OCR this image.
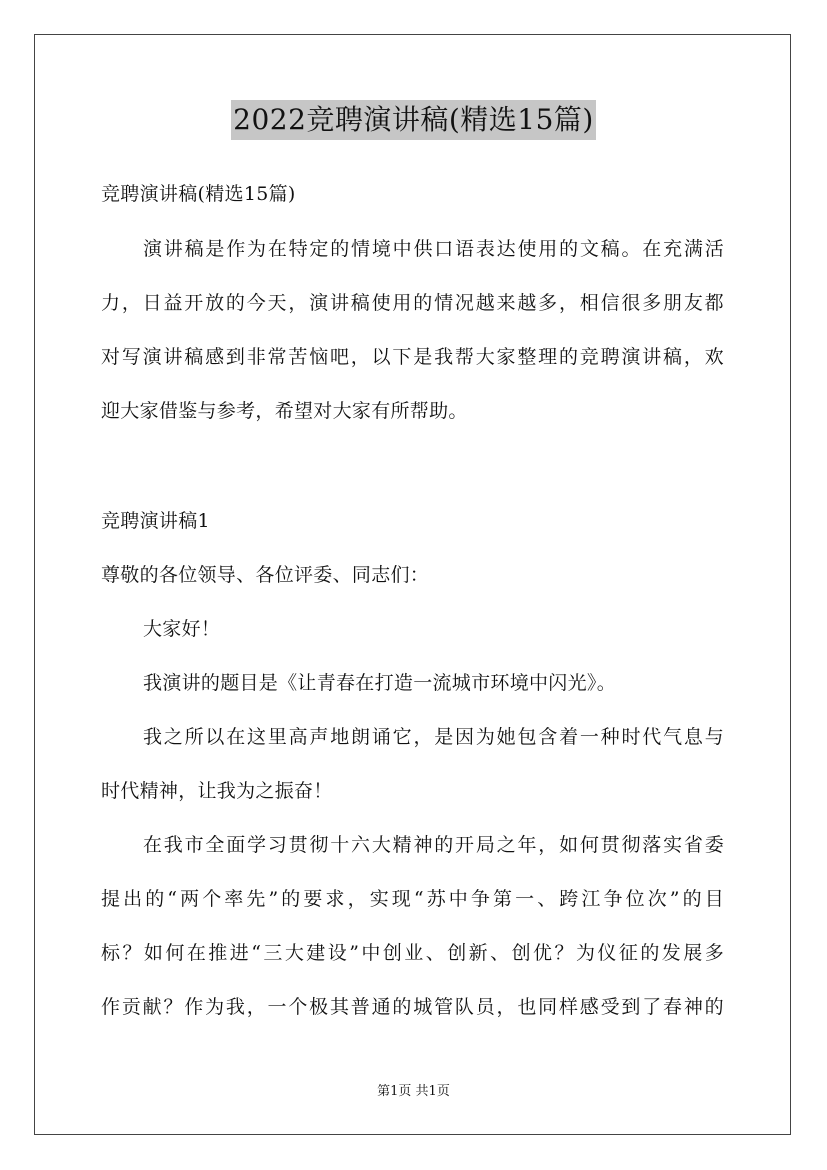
2022竞聘演讲稿(精选15篇)
竞聘演讲稿(精选15篇)
演讲稿是作为在特定的情境中供口语表达使用的文稿。在充满活
力，日益开放的今天，演讲稿使用的情况越来越多，相信很多朋友都
对写演讲稿感到非常苦恼吧，以下是我帮大家整理的竞聘演讲稿，欢
迎大家借鉴与参考，希望对大家有所帮助。
竞聘演讲稿1
尊敬的各位领导、各位评委、同志们：
大家好！
我演讲的题目是《让青春在打造一流城市环境中闪光》。
我之所以在这里高声地朗诵它，是因为她包含着一种时代气息与
时代精神，让我为之振奋！
在我市全面学习贯彻十六大精神的开局之年，如何贯彻落实省委
提出的“两个率先”的要求，实现“苏中争第一、跨江争位次”的目
标？如何在推进“三大建设”中创业、创新、创优？为仪征的发展多
作贡献？作为我，一个极其普通的城管队员，也同样感受到了春神的
第1页 共1页
